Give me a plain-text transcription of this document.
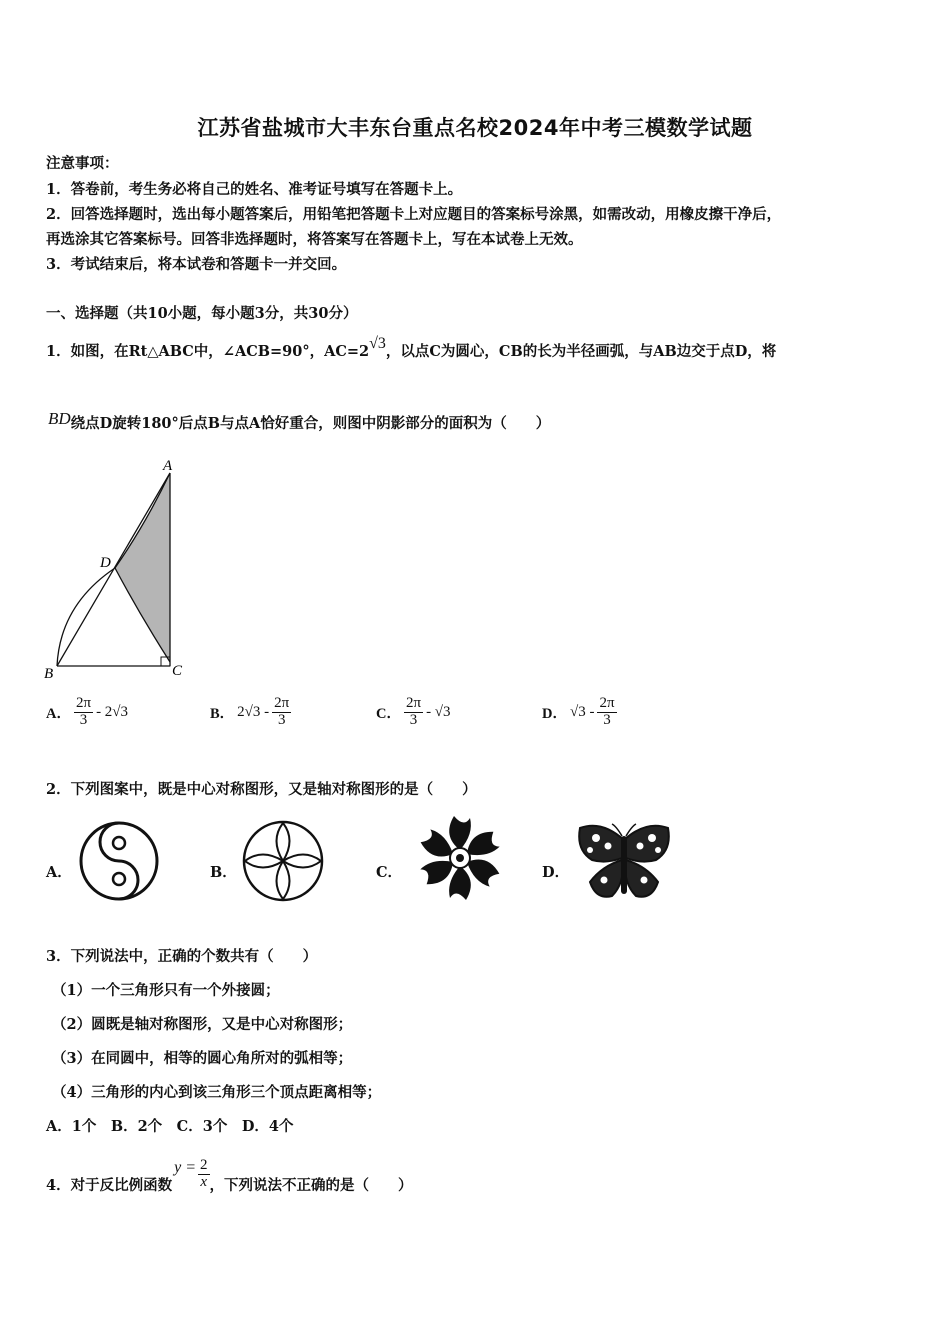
江苏省盐城市大丰东台重点名校2024年中考三模数学试题
注意事项：
1．答卷前，考生务必将自己的姓名、准考证号填写在答题卡上。
2．回答选择题时，选出每小题答案后，用铅笔把答题卡上对应题目的答案标号涂黑，如需改动，用橡皮擦干净后，
再选涂其它答案标号。回答非选择题时，将答案写在答题卡上，写在本试卷上无效。
3．考试结束后，将本试卷和答题卡一并交回。
一、选择题（共10小题，每小题3分，共30分）
1．如图，在Rt△ABC中，∠ACB=90°，AC=2√3，以点C为圆心，CB的长为半径画弧，与AB边交于点D，将
BD绕点D旋转180°后点B与点A恰好重合，则图中阴影部分的面积为（　　）
A
B	C
D
A． $\frac{2\pi}{3} - 2√3$	B． $2√3 - \frac{2\pi}{3}$	C． $\frac{2\pi}{3} - √3$	D． $√3 - \frac{2\pi}{3}$
2．下列图案中，既是中心对称图形，又是轴对称图形的是（　　）
A．	B．	C．	D．
3．下列说法中，正确的个数共有（　　）
（1）一个三角形只有一个外接圆；
（2）圆既是轴对称图形，又是中心对称图形；
（3）在同圆中，相等的圆心角所对的弧相等；
（4）三角形的内心到该三角形三个顶点距离相等；
A．1个　B．2个　C．3个　D．4个
4．对于反比例函数
$y = \frac{2}{x}$ ，下列说法不正确的是（　　）
